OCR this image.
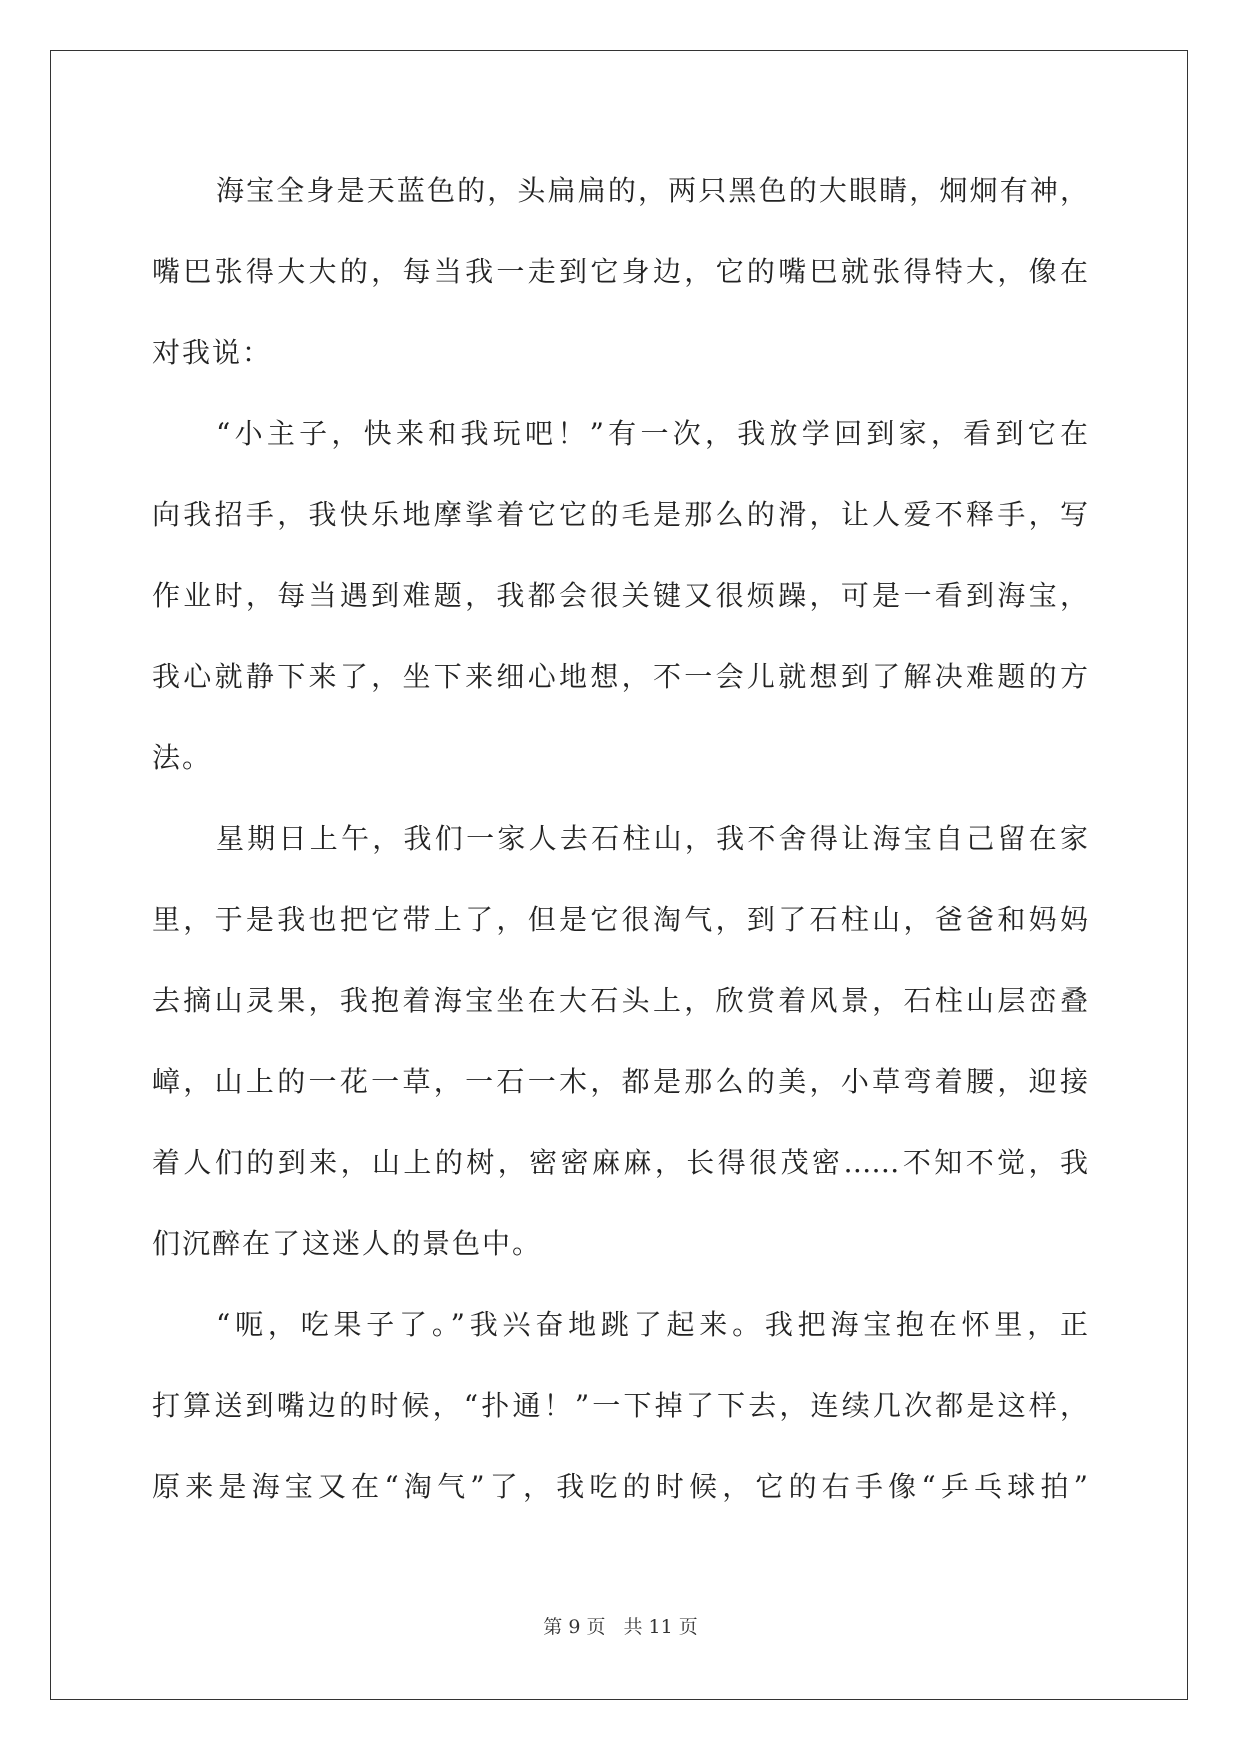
海宝全身是天蓝色的，头扁扁的，两只黑色的大眼睛，炯炯有神，
嘴巴张得大大的，每当我一走到它身边，它的嘴巴就张得特大，像在
对我说：
“小主子，快来和我玩吧！”有一次，我放学回到家，看到它在
向我招手，我快乐地摩挲着它它的毛是那么的滑，让人爱不释手，写
作业时，每当遇到难题，我都会很关键又很烦躁，可是一看到海宝，
我心就静下来了，坐下来细心地想，不一会儿就想到了解决难题的方
法。
星期日上午，我们一家人去石柱山，我不舍得让海宝自己留在家
里，于是我也把它带上了，但是它很淘气，到了石柱山，爸爸和妈妈
去摘山灵果，我抱着海宝坐在大石头上，欣赏着风景，石柱山层峦叠
嶂，山上的一花一草，一石一木，都是那么的美，小草弯着腰，迎接
着人们的到来，山上的树，密密麻麻，长得很茂密……不知不觉，我
们沉醉在了这迷人的景色中。
“呃，吃果子了。”我兴奋地跳了起来。我把海宝抱在怀里，正
打算送到嘴边的时候，“扑通！”一下掉了下去，连续几次都是这样，
原来是海宝又在“淘气”了，我吃的时候，它的右手像“乒乓球拍”
第 9 页 共 11 页
